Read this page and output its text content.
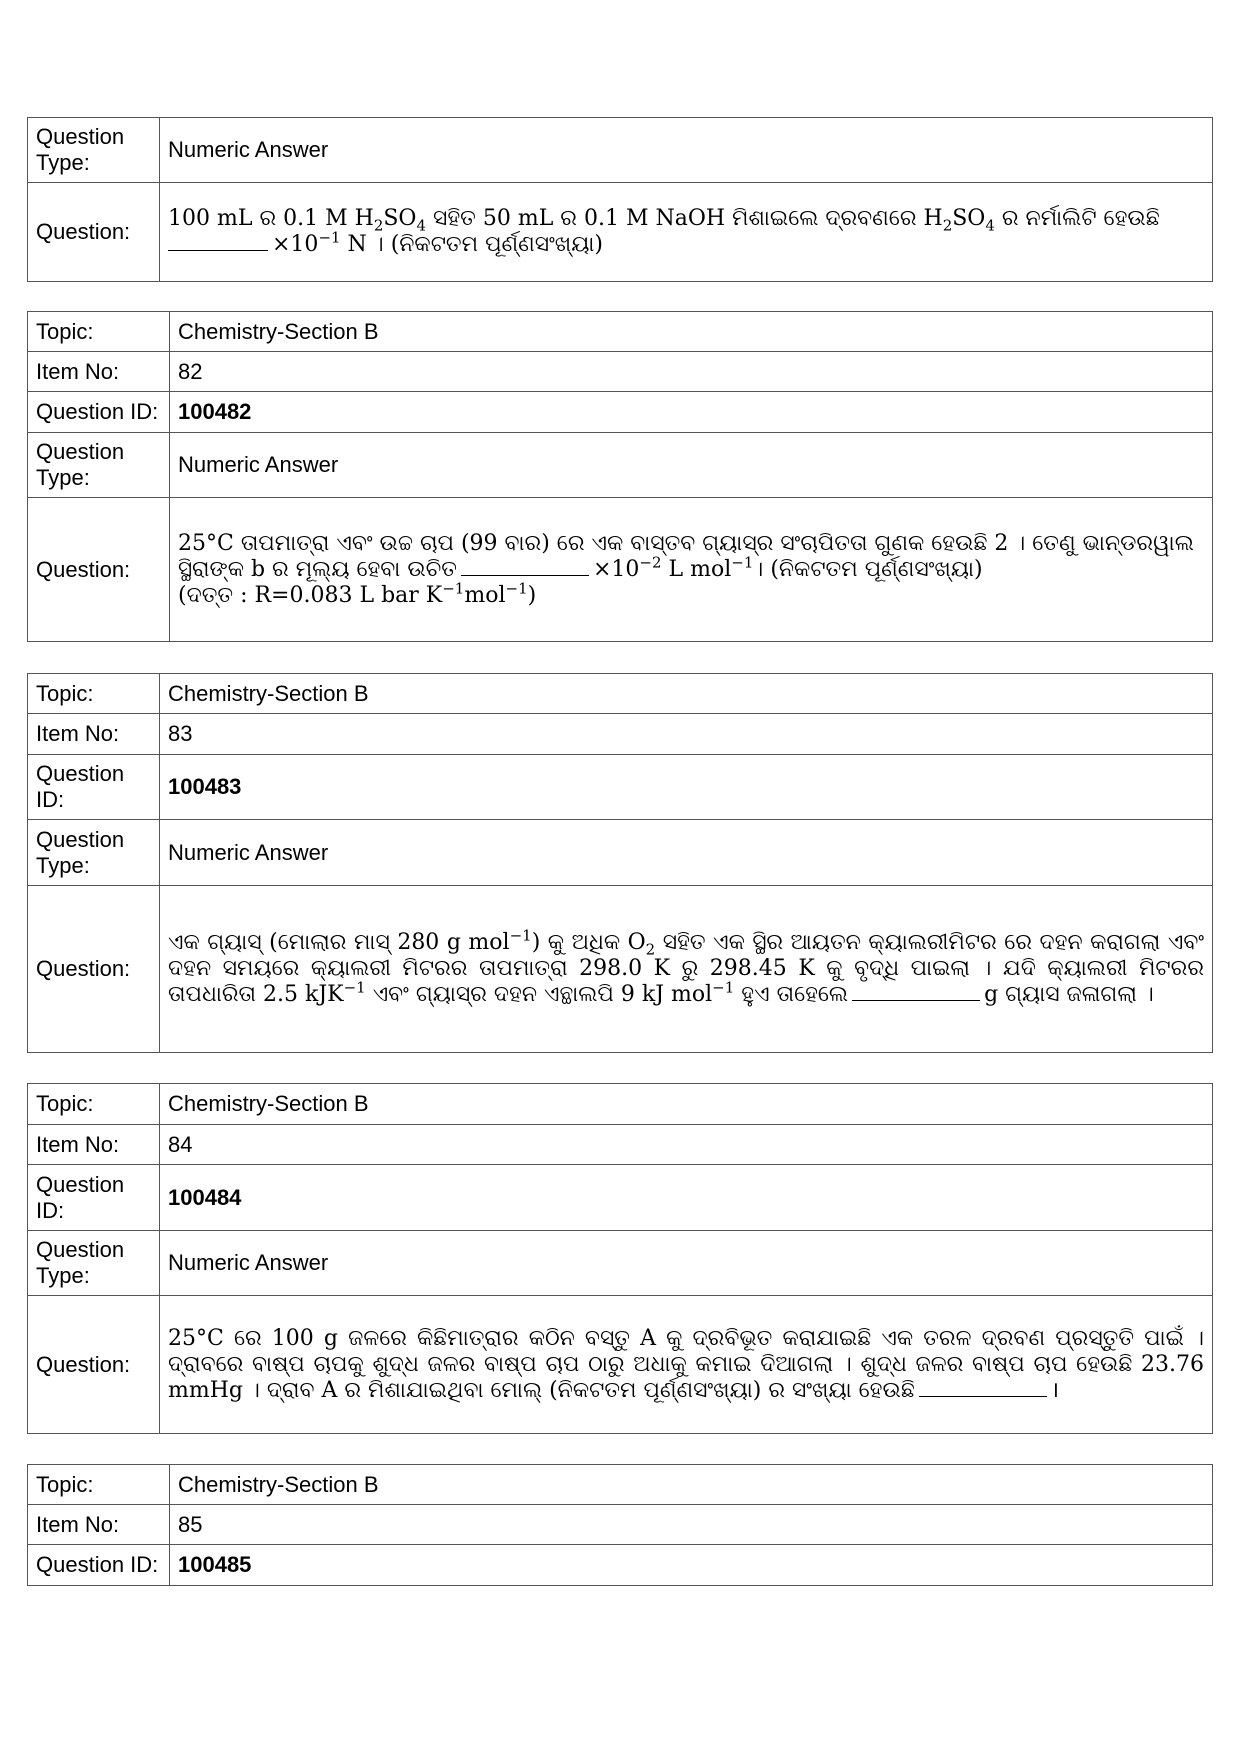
Question Type:	Numeric Answer
Question:	100 mL ର 0.1 M $H_2SO_4$ ସହିତ 50 mL ର 0.1 M NaOH ମିଶାଇଲେ ଦ୍ରବଣରେ $H_2SO_4$ ର ନର୍ମାଲିଟି ହେଉଛି
$\times 10^{-1}$ N । (ନିକଟତମ ପୂର୍ଣ୍ଣସଂଖ୍ୟା)
Topic:	Chemistry-Section B
Item No:	82
Question ID:	100482
Question Type:	Numeric Answer
Question:	25°C ତାପମାତ୍ରା ଏବଂ ଉଚ୍ଚ ଚାପ (99 ବାର) ରେ ଏକ ବାସ୍ତବ ଗ୍ୟାସ୍‌ର ସଂଚାପିତତା ଗୁଣକ ହେଉଛି 2 । ତେଣୁ ଭାନ୍‌ଡରୱାଲ
ସ୍ଥିରାଙ୍କ b ର ମୂଲ୍ୟ ହେବା ଉଚିତ $\times 10^{-2}$ L mol$^{-1}$। (ନିକଟତମ ପୂର୍ଣ୍ଣସଂଖ୍ୟା)
(ଦତ୍ତ : R=0.083 L bar $K^{-1}mol^{-1}$)
Topic:	Chemistry-Section B
Item No:	83
Question ID:	100483
Question Type:	Numeric Answer
Question:	ଏକ ଗ୍ୟାସ୍ (ମୋଲାର ମାସ୍ 280 g mol$^{-1}$) କୁ ଅଧିକ $O_2$ ସହିତ ଏକ ସ୍ଥିର ଆୟତନ କ୍ୟାଲରୀମିଟର ରେ ଦହନ କରାଗଲା ଏବଂ ଦହନ ସମୟରେ କ୍ୟାଲରୀ ମିଟରର ତାପମାତ୍ରା 298.0 K ରୁ 298.45 K କୁ ବୃଦ୍ଧି ପାଇଲା । ଯଦି କ୍ୟାଲରୀ ମିଟରର ତାପଧାରିତା 2.5 kJK$^{-1}$ ଏବଂ ଗ୍ୟାସ୍‌ର ଦହନ ଏନ୍ଥାଲପି 9 kJ mol$^{-1}$ ହୁଏ ତାହେଲେ g ଗ୍ୟାସ ଜଳାଗଲା ।
Topic:	Chemistry-Section B
Item No:	84
Question ID:	100484
Question Type:	Numeric Answer
Question:	25°C ରେ 100 g ଜଳରେ କିଛିମାତ୍ରାର କଠିନ ବସ୍ତୁ A କୁ ଦ୍ରବିଭୂତ କରାଯାଇଛି ଏକ ତରଳ ଦ୍ରବଣ ପ୍ରସ୍ତୁତି ପାଇଁ । ଦ୍ରାବରେ ବାଷ୍ପ ଚାପକୁ ଶୁଦ୍ଧ ଜଳର ବାଷ୍ପ ଚାପ ଠାରୁ ଅଧାକୁ କମାଇ ଦିଆଗଲା । ଶୁଦ୍ଧ ଜଳର ବାଷ୍ପ ଚାପ ହେଉଛି 23.76 mmHg । ଦ୍ରାବ A ର ମିଶାଯାଇଥିବା ମୋଲ୍ (ନିକଟତମ ପୂର୍ଣ୍ଣସଂଖ୍ୟା) ର ସଂଖ୍ୟା ହେଉଛି ।
Topic:	Chemistry-Section B
Item No:	85
Question ID:	100485
